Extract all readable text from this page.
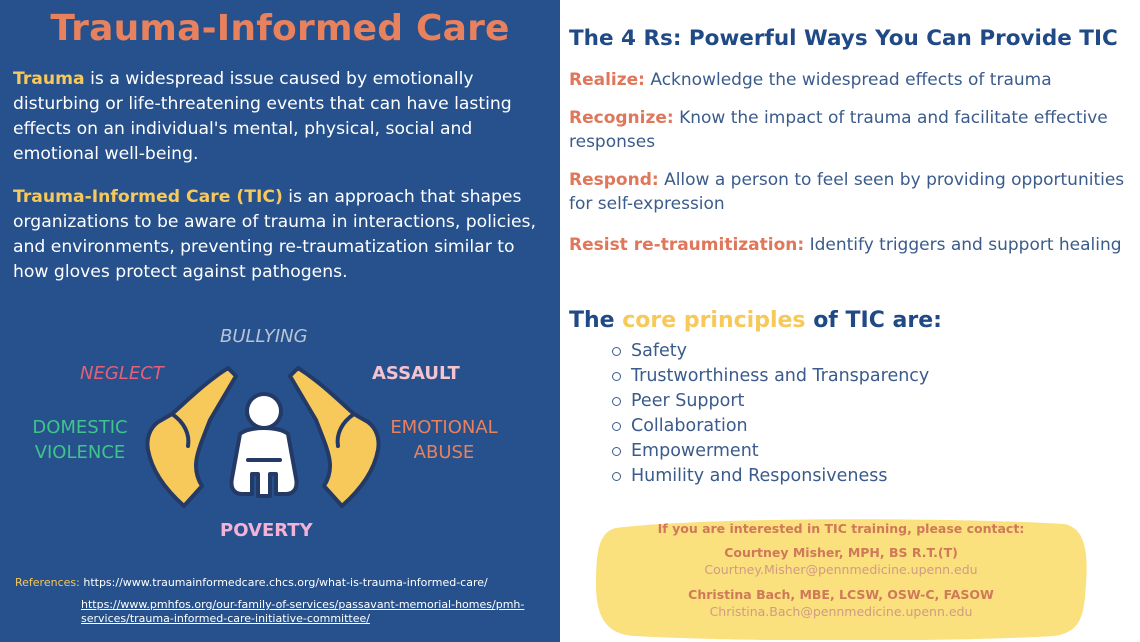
Trauma-Informed Care
Trauma is a widespread issue caused by emotionally disturbing or life-threatening events that can have lasting effects on an individual's mental, physical, social and emotional well-being.
Trauma-Informed Care (TIC) is an approach that shapes organizations to be aware of trauma in interactions, policies, and environments, preventing re-traumatization similar to how gloves protect against pathogens.
BULLYING
NEGLECT	ASSAULT
DOMESTIC
VIOLENCE
EMOTIONAL
ABUSE
POVERTY
References: https://www.traumainformedcare.chcs.org/what-is-trauma-informed-care/
https://www.pmhfos.org/our-family-of-services/passavant-memorial-homes/pmh-services/trauma-informed-care-initiative-committee/
The 4 Rs: Powerful Ways You Can Provide TIC
Realize: Acknowledge the widespread effects of trauma
Recognize: Know the impact of trauma and facilitate effective responses
Respond: Allow a person to feel seen by providing opportunities for self-expression
Resist re-traumitization: Identify triggers and support healing
The core principles of TIC are:
Safety
Trustworthiness and Transparency
Peer Support
Collaboration
Empowerment
Humility and Responsiveness
If you are interested in TIC training, please contact:
Courtney Misher, MPH, BS R.T.(T)
Courtney.Misher@pennmedicine.upenn.edu
Christina Bach, MBE, LCSW, OSW-C, FASOW
Christina.Bach@pennmedicine.upenn.edu
